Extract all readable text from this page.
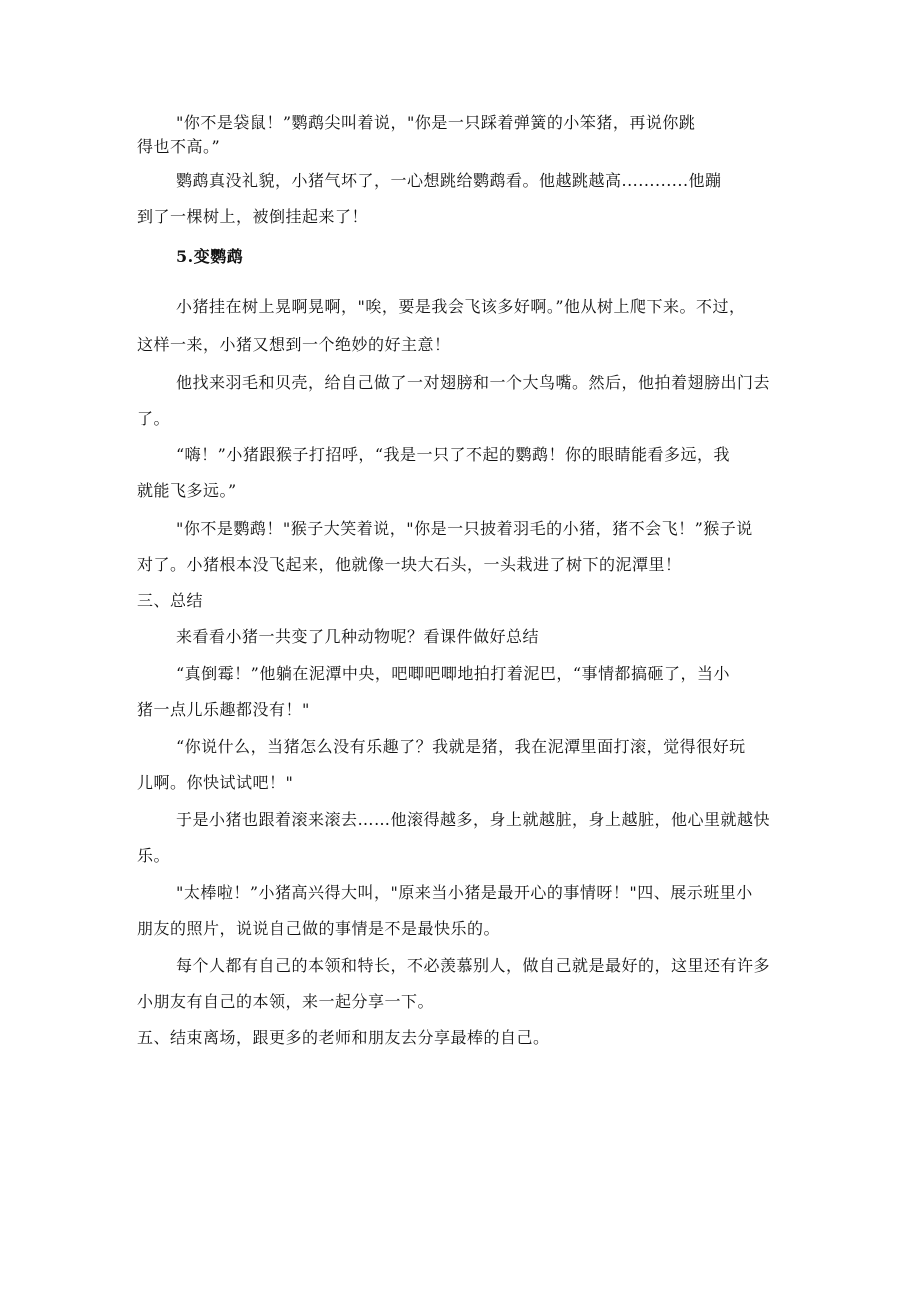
"你不是袋鼠！”鹦鹉尖叫着说，"你是一只踩着弹簧的小笨猪，再说你跳
得也不高。”
鹦鹉真没礼貌，小猪气坏了，一心想跳给鹦鹉看。他越跳越高............他蹦
到了一棵树上，被倒挂起来了！
5.变鹦鹉
小猪挂在树上晃啊晃啊，"唉，要是我会飞该多好啊。”他从树上爬下来。不过，
这样一来，小猪又想到一个绝妙的好主意！
他找来羽毛和贝壳，给自己做了一对翅膀和一个大鸟嘴。然后，他拍着翅膀出门去
了。
“嗨！”小猪跟猴子打招呼，“我是一只了不起的鹦鹉！你的眼睛能看多远，我
就能飞多远。”
"你不是鹦鹉！"猴子大笑着说，"你是一只披着羽毛的小猪，猪不会飞！”猴子说
对了。小猪根本没飞起来，他就像一块大石头，一头栽进了树下的泥潭里！
三、总结
来看看小猪一共变了几种动物呢？看课件做好总结
“真倒霉！”他躺在泥潭中央，吧唧吧唧地拍打着泥巴，“事情都搞砸了，当小
猪一点儿乐趣都没有！"
“你说什么，当猪怎么没有乐趣了？我就是猪，我在泥潭里面打滚，觉得很好玩
儿啊。你快试试吧！"
于是小猪也跟着滚来滚去……他滚得越多，身上就越脏，身上越脏，他心里就越快
乐。
"太棒啦！”小猪高兴得大叫，"原来当小猪是最开心的事情呀！"四、展示班里小
朋友的照片，说说自己做的事情是不是最快乐的。
每个人都有自己的本领和特长，不必羡慕别人，做自己就是最好的，这里还有许多
小朋友有自己的本领，来一起分享一下。
五、结束离场，跟更多的老师和朋友去分享最棒的自己。
